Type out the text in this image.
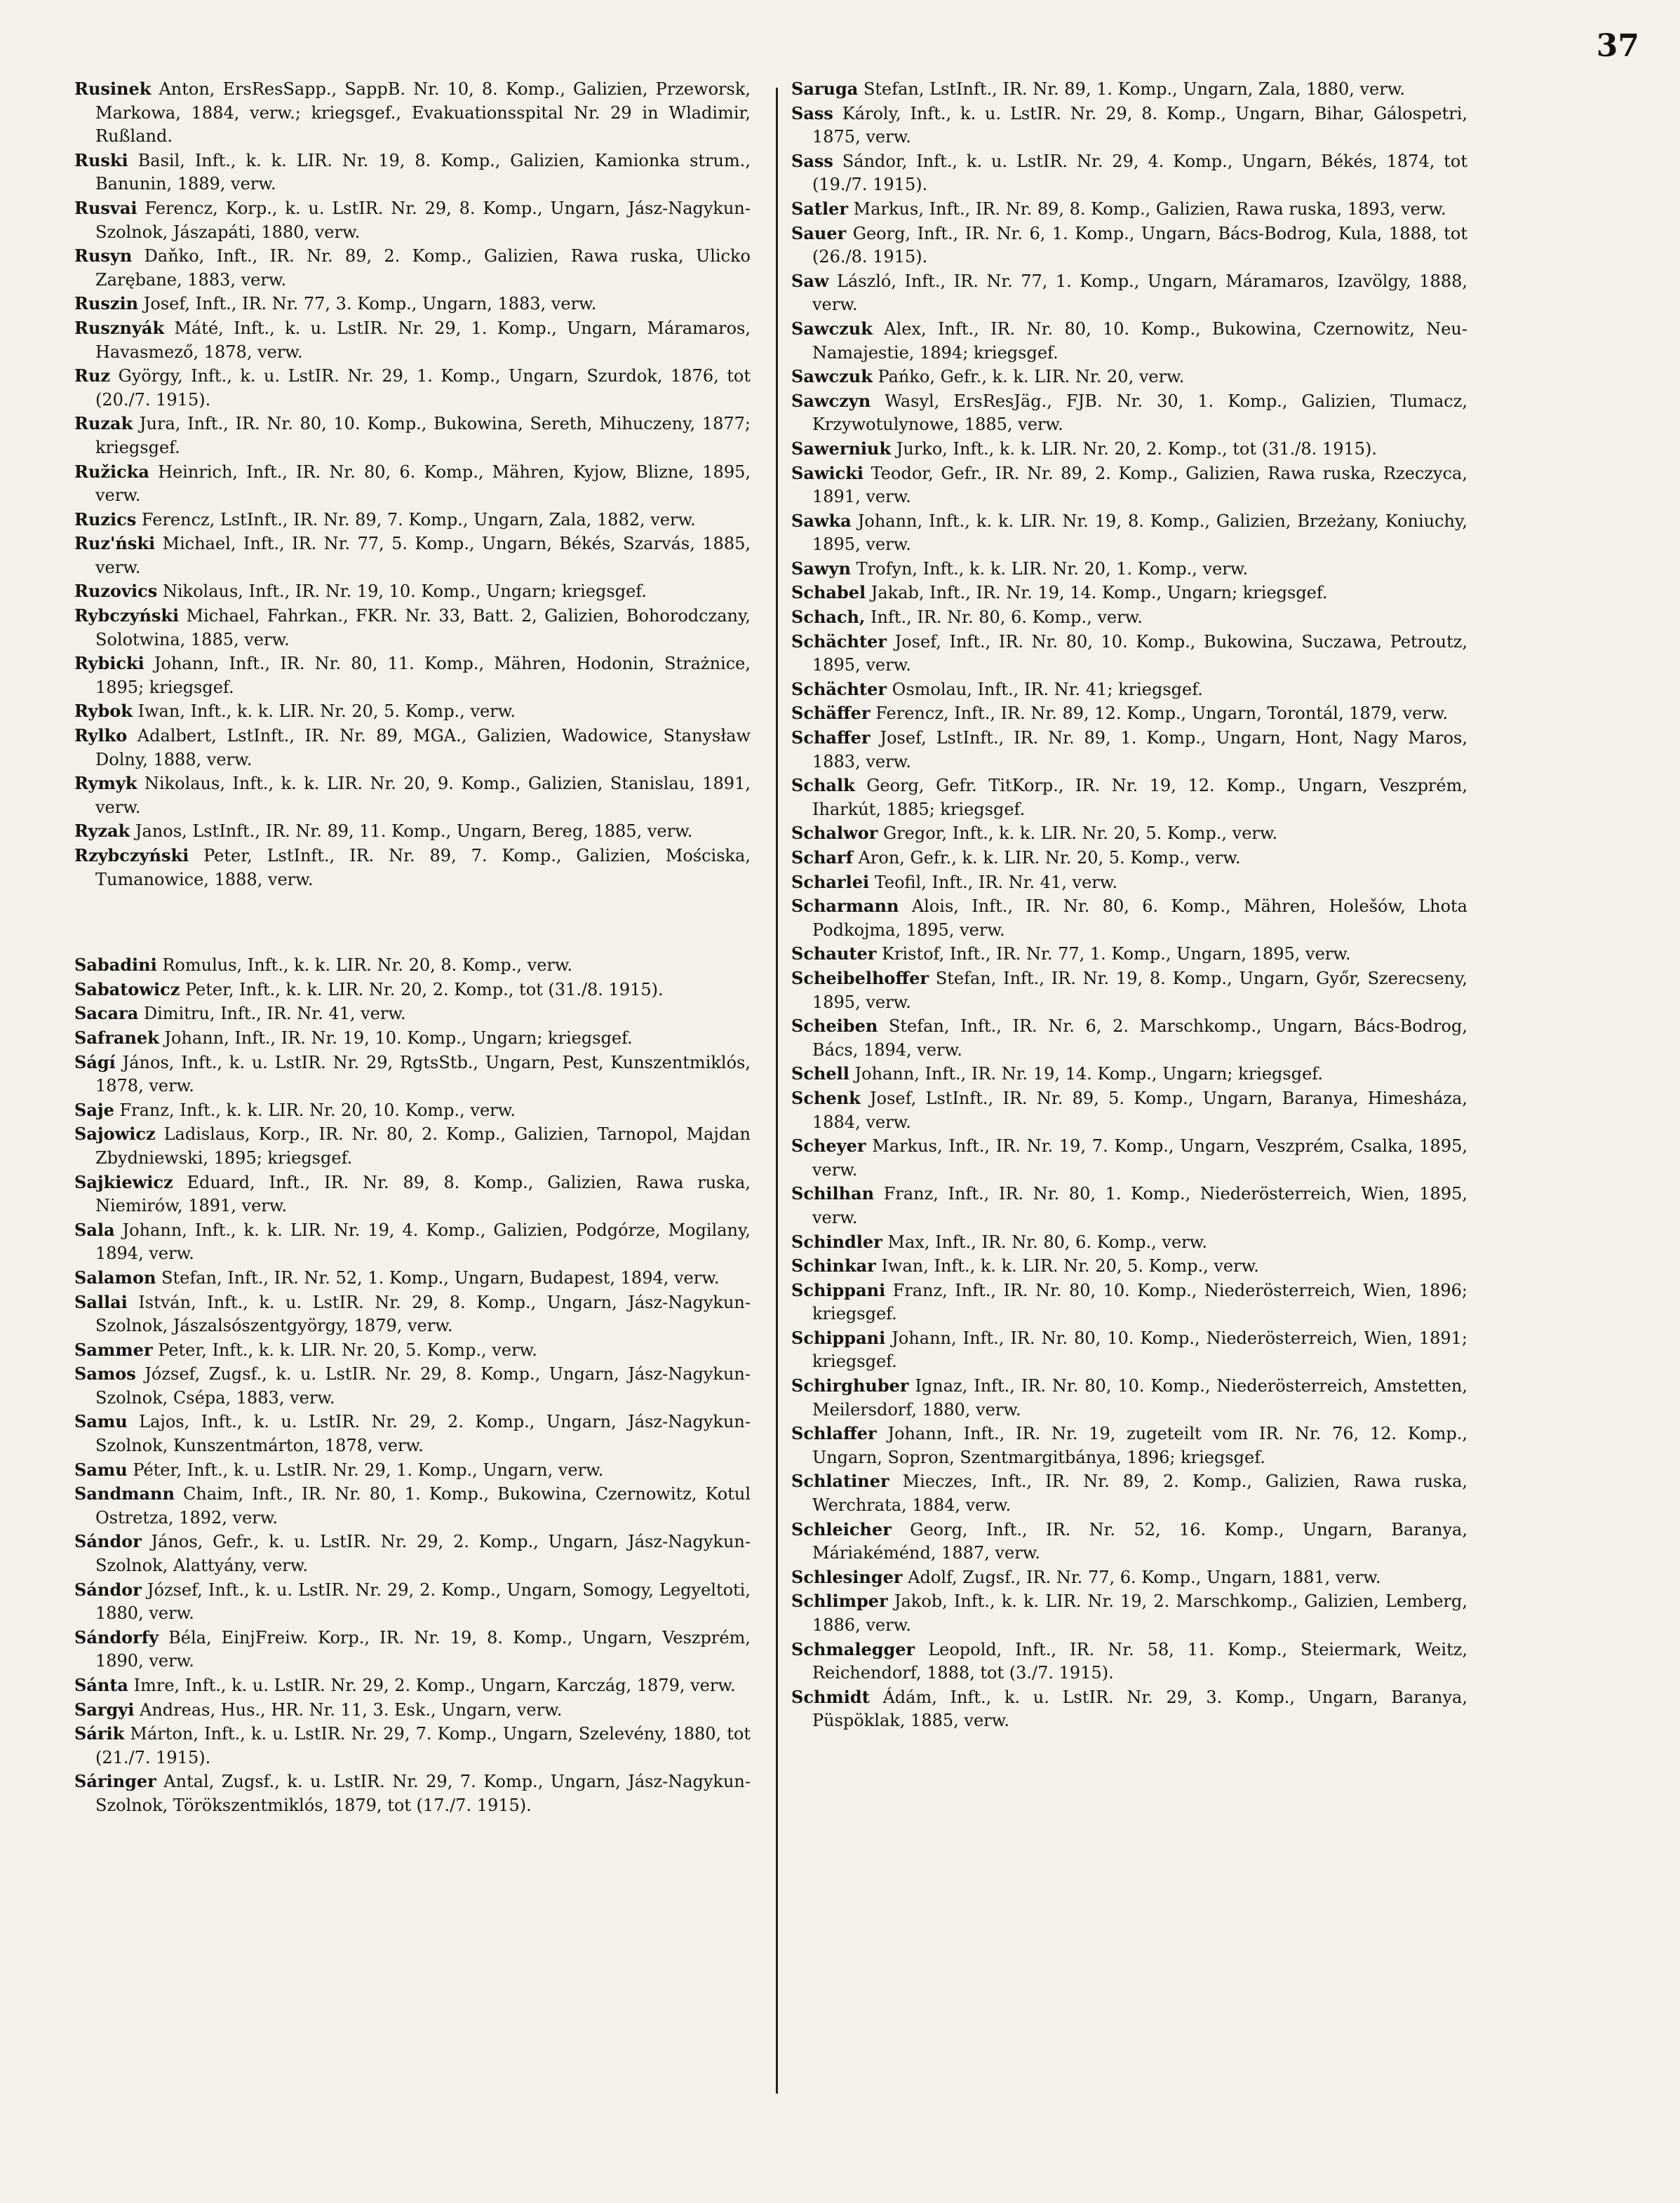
37

Rusinek Anton, ErsResSapp., SappB. Nr. 10, 8. Komp., Galizien, Przeworsk, Markowa, 1884, verw.; kriegsgef., Evakuationsspital Nr. 29 in Wladimir, Rußland.

Ruski Basil, Inft., k. k. LIR. Nr. 19, 8. Komp., Galizien, Kamionka strum., Banunin, 1889, verw.

Rusvai Ferencz, Korp., k. u. LstIR. Nr. 29, 8. Komp., Ungarn, Jász-Nagykun-Szolnok, Jászapáti, 1880, verw.

Rusyn Daňko, Inft., IR. Nr. 89, 2. Komp., Galizien, Rawa ruska, Ulicko Zarębane, 1883, verw.

Ruszin Josef, Inft., IR. Nr. 77, 3. Komp., Ungarn, 1883, verw.

Rusznyák Máté, Inft., k. u. LstIR. Nr. 29, 1. Komp., Ungarn, Máramaros, Havasmező, 1878, verw.

Ruz György, Inft., k. u. LstIR. Nr. 29, 1. Komp., Ungarn, Szurdok, 1876, tot (20./7. 1915).

Ruzak Jura, Inft., IR. Nr. 80, 10. Komp., Bukowina, Sereth, Mihuczeny, 1877; kriegsgef.

Ružicka Heinrich, Inft., IR. Nr. 80, 6. Komp., Mähren, Kyjow, Blizne, 1895, verw.

Ruzics Ferencz, LstInft., IR. Nr. 89, 7. Komp., Ungarn, Zala, 1882, verw.

Ruz'ński Michael, Inft., IR. Nr. 77, 5. Komp., Ungarn, Békés, Szarvás, 1885, verw.

Ruzovics Nikolaus, Inft., IR. Nr. 19, 10. Komp., Ungarn; kriegsgef.

Rybczyński Michael, Fahrkan., FKR. Nr. 33, Batt. 2, Galizien, Bohorodczany, Solotwina, 1885, verw.

Rybicki Johann, Inft., IR. Nr. 80, 11. Komp., Mähren, Hodonin, Strażnice, 1895; kriegsgef.

Rybok Iwan, Inft., k. k. LIR. Nr. 20, 5. Komp., verw.

Rylko Adalbert, LstInft., IR. Nr. 89, MGA., Galizien, Wadowice, Stanysław Dolny, 1888, verw.

Rymyk Nikolaus, Inft., k. k. LIR. Nr. 20, 9. Komp., Galizien, Stanislau, 1891, verw.

Ryzak Janos, LstInft., IR. Nr. 89, 11. Komp., Ungarn, Bereg, 1885, verw.

Rzybczyński Peter, LstInft., IR. Nr. 89, 7. Komp., Galizien, Mościska, Tumanowice, 1888, verw.

Sabadini Romulus, Inft., k. k. LIR. Nr. 20, 8. Komp., verw.

Sabatowicz Peter, Inft., k. k. LIR. Nr. 20, 2. Komp., tot (31./8. 1915).

Sacara Dimitru, Inft., IR. Nr. 41, verw.

Safranek Johann, Inft., IR. Nr. 19, 10. Komp., Ungarn; kriegsgef.

Ságí János, Inft., k. u. LstIR. Nr. 29, RgtsStb., Ungarn, Pest, Kunszentmiklós, 1878, verw.

Saje Franz, Inft., k. k. LIR. Nr. 20, 10. Komp., verw.

Sajowicz Ladislaus, Korp., IR. Nr. 80, 2. Komp., Galizien, Tarnopol, Majdan Zbydniewski, 1895; kriegsgef.

Sajkiewicz Eduard, Inft., IR. Nr. 89, 8. Komp., Galizien, Rawa ruska, Niemirów, 1891, verw.

Sala Johann, Inft., k. k. LIR. Nr. 19, 4. Komp., Galizien, Podgórze, Mogilany, 1894, verw.

Salamon Stefan, Inft., IR. Nr. 52, 1. Komp., Ungarn, Budapest, 1894, verw.

Sallai István, Inft., k. u. LstIR. Nr. 29, 8. Komp., Ungarn, Jász-Nagykun-Szolnok, Jászalsószentgyörgy, 1879, verw.

Sammer Peter, Inft., k. k. LIR. Nr. 20, 5. Komp., verw.

Samos József, Zugsf., k. u. LstIR. Nr. 29, 8. Komp., Ungarn, Jász-Nagykun-Szolnok, Csépa, 1883, verw.

Samu Lajos, Inft., k. u. LstIR. Nr. 29, 2. Komp., Ungarn, Jász-Nagykun-Szolnok, Kunszentmárton, 1878, verw.

Samu Péter, Inft., k. u. LstIR. Nr. 29, 1. Komp., Ungarn, verw.

Sandmann Chaim, Inft., IR. Nr. 80, 1. Komp., Bukowina, Czernowitz, Kotul Ostretza, 1892, verw.

Sándor János, Gefr., k. u. LstIR. Nr. 29, 2. Komp., Ungarn, Jász-Nagykun-Szolnok, Alattyány, verw.

Sándor József, Inft., k. u. LstIR. Nr. 29, 2. Komp., Ungarn, Somogy, Legyeltoti, 1880, verw.

Sándorfy Béla, EinjFreiw. Korp., IR. Nr. 19, 8. Komp., Ungarn, Veszprém, 1890, verw.

Sánta Imre, Inft., k. u. LstIR. Nr. 29, 2. Komp., Ungarn, Karczág, 1879, verw.

Sargyi Andreas, Hus., HR. Nr. 11, 3. Esk., Ungarn, verw.

Sárik Márton, Inft., k. u. LstIR. Nr. 29, 7. Komp., Ungarn, Szelevény, 1880, tot (21./7. 1915).

Sáringer Antal, Zugsf., k. u. LstIR. Nr. 29, 7. Komp., Ungarn, Jász-Nagykun-Szolnok, Törökszentmiklós, 1879, tot (17./7. 1915).

Saruga Stefan, LstInft., IR. Nr. 89, 1. Komp., Ungarn, Zala, 1880, verw.

Sass Károly, Inft., k. u. LstIR. Nr. 29, 8. Komp., Ungarn, Bihar, Gálospetri, 1875, verw.

Sass Sándor, Inft., k. u. LstIR. Nr. 29, 4. Komp., Ungarn, Békés, 1874, tot (19./7. 1915).

Satler Markus, Inft., IR. Nr. 89, 8. Komp., Galizien, Rawa ruska, 1893, verw.

Sauer Georg, Inft., IR. Nr. 6, 1. Komp., Ungarn, Bács-Bodrog, Kula, 1888, tot (26./8. 1915).

Saw László, Inft., IR. Nr. 77, 1. Komp., Ungarn, Máramaros, Izavölgy, 1888, verw.

Sawczuk Alex, Inft., IR. Nr. 80, 10. Komp., Bukowina, Czernowitz, Neu-Namajestie, 1894; kriegsgef.

Sawczuk Pańko, Gefr., k. k. LIR. Nr. 20, verw.

Sawczyn Wasyl, ErsResJäg., FJB. Nr. 30, 1. Komp., Galizien, Tlumacz, Krzywotulynowe, 1885, verw.

Sawerniuk Jurko, Inft., k. k. LIR. Nr. 20, 2. Komp., tot (31./8. 1915).

Sawicki Teodor, Gefr., IR. Nr. 89, 2. Komp., Galizien, Rawa ruska, Rzeczyca, 1891, verw.

Sawka Johann, Inft., k. k. LIR. Nr. 19, 8. Komp., Galizien, Brzeżany, Koniuchy, 1895, verw.

Sawyn Trofyn, Inft., k. k. LIR. Nr. 20, 1. Komp., verw.

Schabel Jakab, Inft., IR. Nr. 19, 14. Komp., Ungarn; kriegsgef.

Schach, Inft., IR. Nr. 80, 6. Komp., verw.

Schächter Josef, Inft., IR. Nr. 80, 10. Komp., Bukowina, Suczawa, Petroutz, 1895, verw.

Schächter Osmolau, Inft., IR. Nr. 41; kriegsgef.

Schäffer Ferencz, Inft., IR. Nr. 89, 12. Komp., Ungarn, Torontál, 1879, verw.

Schaffer Josef, LstInft., IR. Nr. 89, 1. Komp., Ungarn, Hont, Nagy Maros, 1883, verw.

Schalk Georg, Gefr. TitKorp., IR. Nr. 19, 12. Komp., Ungarn, Veszprém, Iharkút, 1885; kriegsgef.

Schalwor Gregor, Inft., k. k. LIR. Nr. 20, 5. Komp., verw.

Scharf Aron, Gefr., k. k. LIR. Nr. 20, 5. Komp., verw.

Scharlei Teofil, Inft., IR. Nr. 41, verw.

Scharmann Alois, Inft., IR. Nr. 80, 6. Komp., Mähren, Holešów, Lhota Podkojma, 1895, verw.

Schauter Kristof, Inft., IR. Nr. 77, 1. Komp., Ungarn, 1895, verw.

Scheibelhoffer Stefan, Inft., IR. Nr. 19, 8. Komp., Ungarn, Győr, Szerecseny, 1895, verw.

Scheiben Stefan, Inft., IR. Nr. 6, 2. Marschkomp., Ungarn, Bács-Bodrog, Bács, 1894, verw.

Schell Johann, Inft., IR. Nr. 19, 14. Komp., Ungarn; kriegsgef.

Schenk Josef, LstInft., IR. Nr. 89, 5. Komp., Ungarn, Baranya, Himesháza, 1884, verw.

Scheyer Markus, Inft., IR. Nr. 19, 7. Komp., Ungarn, Veszprém, Csalka, 1895, verw.

Schilhan Franz, Inft., IR. Nr. 80, 1. Komp., Niederösterreich, Wien, 1895, verw.

Schindler Max, Inft., IR. Nr. 80, 6. Komp., verw.

Schinkar Iwan, Inft., k. k. LIR. Nr. 20, 5. Komp., verw.

Schippani Franz, Inft., IR. Nr. 80, 10. Komp., Niederösterreich, Wien, 1896; kriegsgef.

Schippani Johann, Inft., IR. Nr. 80, 10. Komp., Niederösterreich, Wien, 1891; kriegsgef.

Schirghuber Ignaz, Inft., IR. Nr. 80, 10. Komp., Niederösterreich, Amstetten, Meilersdorf, 1880, verw.

Schlaffer Johann, Inft., IR. Nr. 19, zugeteilt vom IR. Nr. 76, 12. Komp., Ungarn, Sopron, Szentmargitbánya, 1896; kriegsgef.

Schlatiner Mieczes, Inft., IR. Nr. 89, 2. Komp., Galizien, Rawa ruska, Werchrata, 1884, verw.

Schleicher Georg, Inft., IR. Nr. 52, 16. Komp., Ungarn, Baranya, Máriakéménd, 1887, verw.

Schlesinger Adolf, Zugsf., IR. Nr. 77, 6. Komp., Ungarn, 1881, verw.

Schlimper Jakob, Inft., k. k. LIR. Nr. 19, 2. Marschkomp., Galizien, Lemberg, 1886, verw.

Schmalegger Leopold, Inft., IR. Nr. 58, 11. Komp., Steiermark, Weitz, Reichendorf, 1888, tot (3./7. 1915).

Schmidt Ádám, Inft., k. u. LstIR. Nr. 29, 3. Komp., Ungarn, Baranya, Püspöklak, 1885, verw.
